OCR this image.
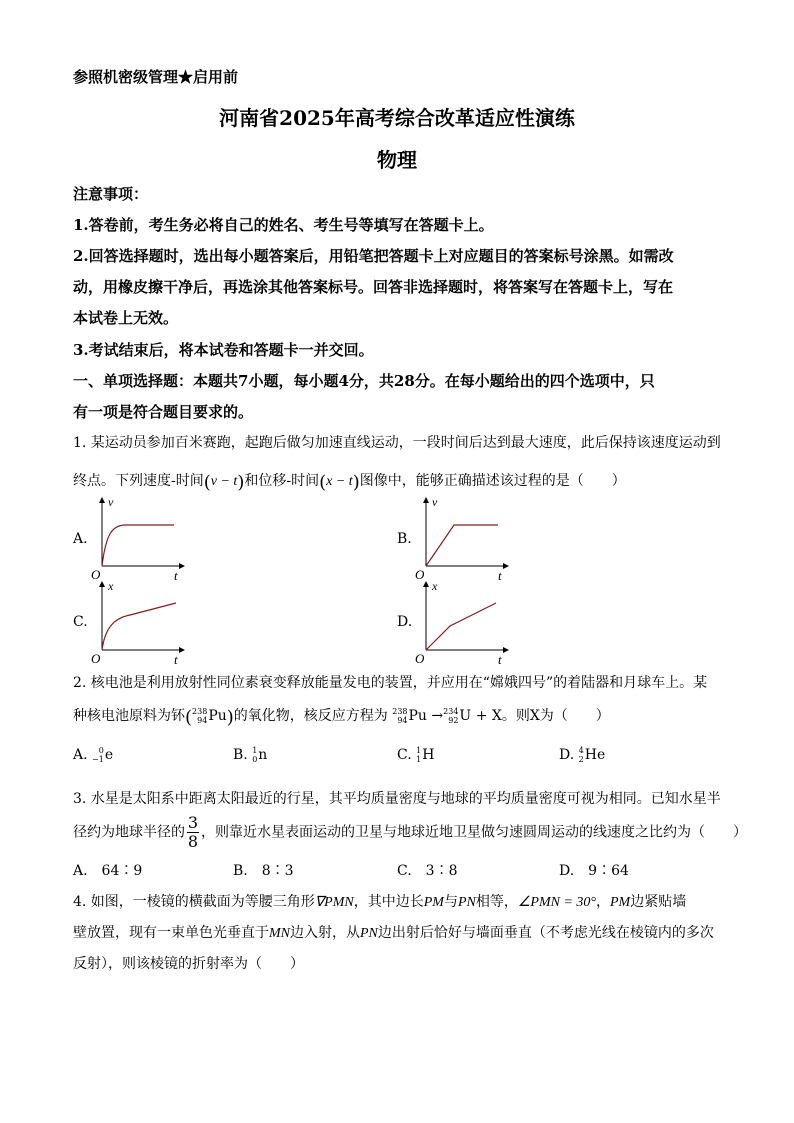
参照机密级管理★启用前
河南省2025年高考综合改革适应性演练
物理
注意事项：
1.答卷前，考生务必将自己的姓名、考生号等填写在答题卡上。
2.回答选择题时，选出每小题答案后，用铅笔把答题卡上对应题目的答案标号涂黑。如需改
动，用橡皮擦干净后，再选涂其他答案标号。回答非选择题时，将答案写在答题卡上，写在
本试卷上无效。
3.考试结束后，将本试卷和答题卡一并交回。
一、单项选择题：本题共7小题，每小题4分，共28分。在每小题给出的四个选项中，只
有一项是符合题目要求的。
1. 某运动员参加百米赛跑，起跑后做匀加速直线运动，一段时间后达到最大速度，此后保持该速度运动到
终点。下列速度-时间(v − t)和位移-时间(x − t)图像中，能够正确描述该过程的是（　　）
A.	B.
C.	D.
v
O	t
v
O	t
x
O	t
x
O	t
2. 核电池是利用放射性同位素衰变释放能量发电的装置，并应用在“嫦娥四号”的着陆器和月球车上。某
种核电池原料为钚( 238
94 Pu)的氧化物，核反应方程为 238
94 Pu → 234
92 U + X。则X为（　　）
A.	0
−1 e	B. 1
0 n	C. 1
1 H	D. 4
2 He
3. 水星是太阳系中距离太阳最近的行星，其平均质量密度与地球的平均质量密度可视为相同。已知水星半
径约为地球半径的 $\frac{3}{8}$ ，则靠近水星表面运动的卫星与地球近地卫星做匀速圆周运动的线速度之比约为（　　）
A.　64∶9	B.　8∶3	C.　3∶8	D.　9∶64
4. 如图，一棱镜的横截面为等腰三角形∇PMN，其中边长PM与PN相等，∠PMN = 30°，PM边紧贴墙
壁放置，现有一束单色光垂直于MN边入射，从PN边出射后恰好与墙面垂直（不考虑光线在棱镜内的多次
反射），则该棱镜的折射率为（　　）
